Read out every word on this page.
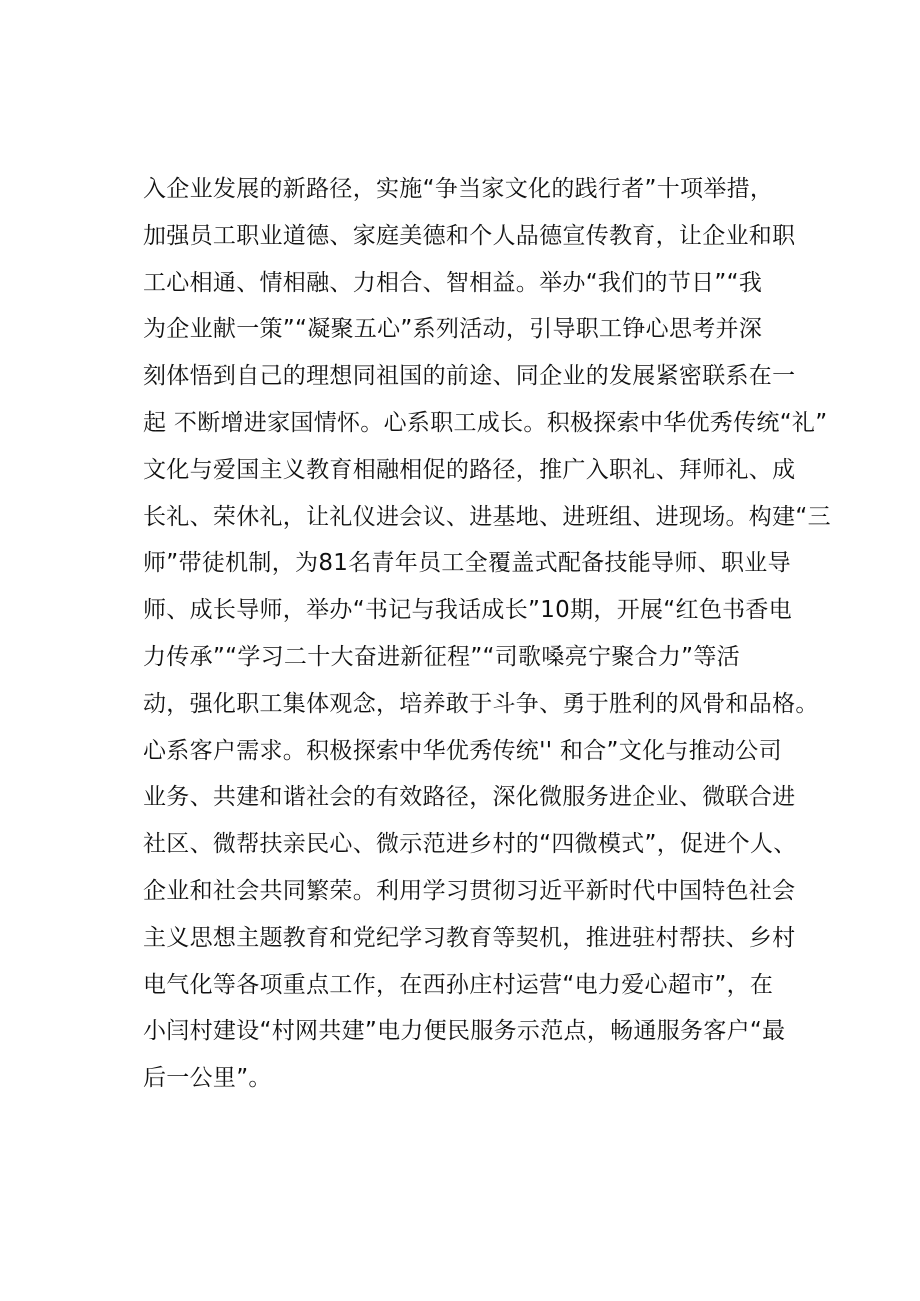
入企业发展的新路径，实施“争当家文化的践行者”十项举措，
加强员工职业道德、家庭美德和个人品德宣传教育，让企业和职
工心相通、情相融、力相合、智相益。举办“我们的节日”“我
为企业献一策”“凝聚五心”系列活动，引导职工铮心思考并深
刻体悟到自己的理想同祖国的前途、同企业的发展紧密联系在一
起 不断增进家国情怀。心系职工成长。积极探索中华优秀传统“礼”
文化与爱国主义教育相融相促的路径，推广入职礼、拜师礼、成
长礼、荣休礼，让礼仪进会议、进基地、进班组、进现场。构建“三
师”带徒机制，为81名青年员工全覆盖式配备技能导师、职业导
师、成长导师，举办“书记与我话成长”10期，开展“红色书香电
力传承”“学习二十大奋进新征程”“司歌嗓亮宁聚合力”等活
动，强化职工集体观念，培养敢于斗争、勇于胜利的风骨和品格。
心系客户需求。积极探索中华优秀传统'' 和合”文化与推动公司
业务、共建和谐社会的有效路径，深化微服务进企业、微联合进
社区、微帮扶亲民心、微示范进乡村的“四微模式”，促进个人、
企业和社会共同繁荣。利用学习贯彻习近平新时代中国特色社会
主义思想主题教育和党纪学习教育等契机，推进驻村帮扶、乡村
电气化等各项重点工作，在西孙庄村运营“电力爱心超市”，在
小闫村建设“村网共建”电力便民服务示范点，畅通服务客户“最
后一公里”。
